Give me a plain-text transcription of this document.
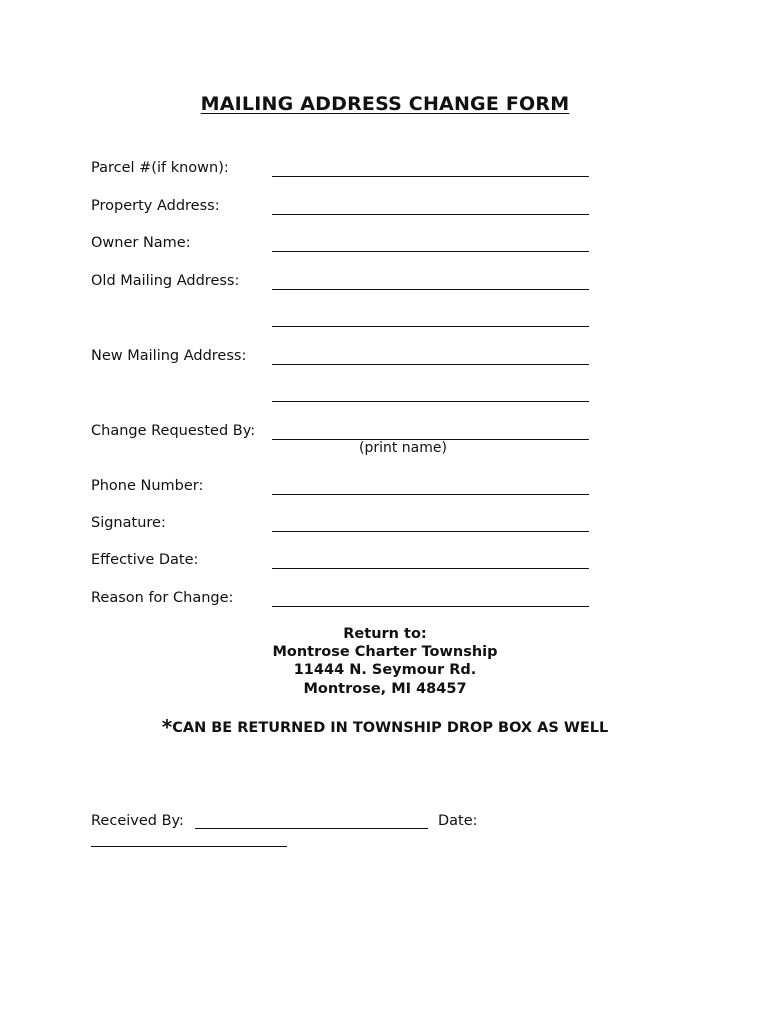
MAILING ADDRESS CHANGE FORM
Parcel #(if known):
Property Address:
Owner Name:
Old Mailing Address:
New Mailing Address:
Change Requested By:
(print name)
Phone Number:
Signature:
Effective Date:
Reason for Change:
Return to:
Montrose Charter Township
11444 N. Seymour Rd.
Montrose, MI 48457
*CAN BE RETURNED IN TOWNSHIP DROP BOX AS WELL
Received By:	Date:
